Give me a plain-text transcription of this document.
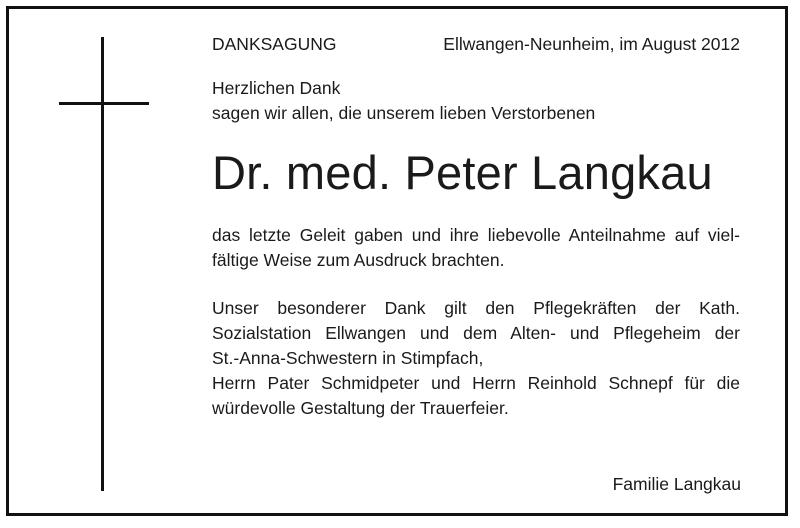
DANKSAGUNG	Ellwangen-Neunheim, im August 2012
Herzlichen Dank
sagen wir allen, die unserem lieben Verstorbenen
Dr. med. Peter Langkau
das letzte Geleit gaben und ihre liebevolle Anteilnahme auf viel-
fältige Weise zum Ausdruck brachten.
Unser besonderer Dank gilt den Pflegekräften der Kath.
Sozialstation Ellwangen und dem Alten- und Pflegeheim der
St.-Anna-Schwestern in Stimpfach,
Herrn Pater Schmidpeter und Herrn Reinhold Schnepf für die
würdevolle Gestaltung der Trauerfeier.
Familie Langkau
